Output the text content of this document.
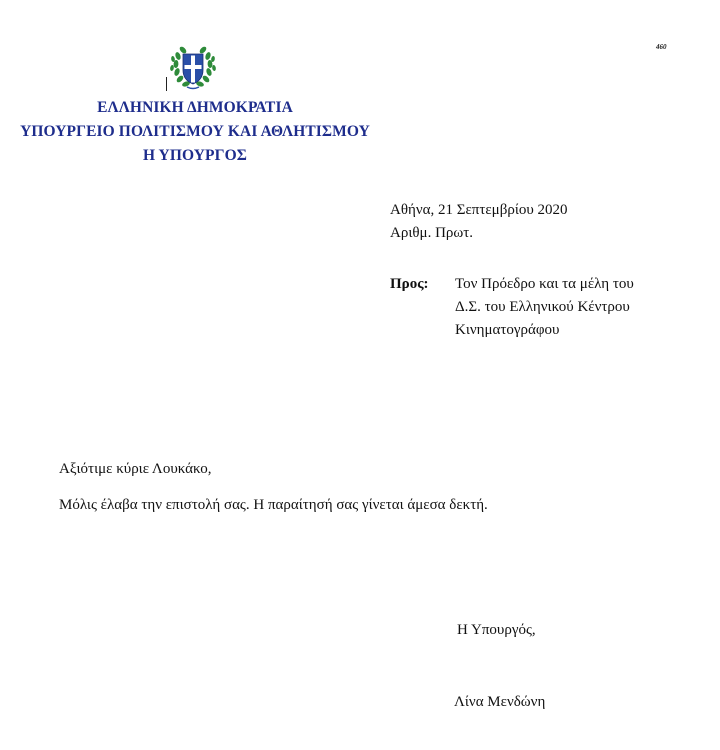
460
ΕΛΛΗΝΙΚΗ ΔΗΜΟΚΡΑΤΙΑ
ΥΠΟΥΡΓΕΙΟ ΠΟΛΙΤΙΣΜΟΥ ΚΑΙ ΑΘΛΗΤΙΣΜΟΥ
Η ΥΠΟΥΡΓΟΣ
Αθήνα, 21 Σεπτεμβρίου 2020
Αριθμ. Πρωτ.
Προς: Τον Πρόεδρο και τα μέλη του
Δ.Σ. του Ελληνικού Κέντρου
Κινηματογράφου
Αξιότιμε κύριε Λουκάκο,
Μόλις έλαβα την επιστολή σας. Η παραίτησή σας γίνεται άμεσα δεκτή.
Η Υπουργός,
Λίνα Μενδώνη
